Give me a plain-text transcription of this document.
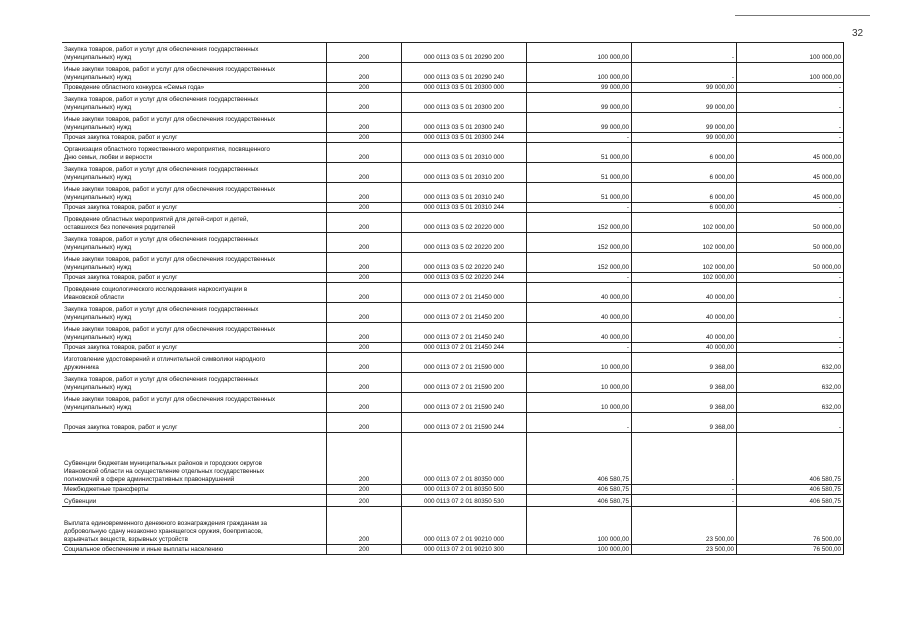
32
Закупка товаров, работ и услуг для обеспечения государственных
(муниципальных) нужд	200	000 0113 03 5 01 20290 200	100 000,00	-	100 000,00
Иные закупки товаров, работ и услуг для обеспечения государственных
(муниципальных) нужд	200	000 0113 03 5 01 20290 240	100 000,00	-	100 000,00
Проведение областного конкурса «Семья года»	200	000 0113 03 5 01 20300 000	99 000,00	99 000,00	-
Закупка товаров, работ и услуг для обеспечения государственных
(муниципальных) нужд	200	000 0113 03 5 01 20300 200	99 000,00	99 000,00	-
Иные закупки товаров, работ и услуг для обеспечения государственных
(муниципальных) нужд	200	000 0113 03 5 01 20300 240	99 000,00	99 000,00	-
Прочая закупка товаров, работ и услуг	200	000 0113 03 5 01 20300 244	-	99 000,00	-
Организация областного торжественного мероприятия, посвященного
Дню семьи, любви и верности	200	000 0113 03 5 01 20310 000	51 000,00	6 000,00	45 000,00
Закупка товаров, работ и услуг для обеспечения государственных
(муниципальных) нужд	200	000 0113 03 5 01 20310 200	51 000,00	6 000,00	45 000,00
Иные закупки товаров, работ и услуг для обеспечения государственных
(муниципальных) нужд	200	000 0113 03 5 01 20310 240	51 000,00	6 000,00	45 000,00
Прочая закупка товаров, работ и услуг	200	000 0113 03 5 01 20310 244	-	6 000,00	-
Проведение областных мероприятий для детей-сирот и детей,
оставшихся без попечения родителей	200	000 0113 03 5 02 20220 000	152 000,00	102 000,00	50 000,00
Закупка товаров, работ и услуг для обеспечения государственных
(муниципальных) нужд	200	000 0113 03 5 02 20220 200	152 000,00	102 000,00	50 000,00
Иные закупки товаров, работ и услуг для обеспечения государственных
(муниципальных) нужд	200	000 0113 03 5 02 20220 240	152 000,00	102 000,00	50 000,00
Прочая закупка товаров, работ и услуг	200	000 0113 03 5 02 20220 244	-	102 000,00	-
Проведение социологического исследования наркоситуации в
Ивановской области	200	000 0113 07 2 01 21450 000	40 000,00	40 000,00	-
Закупка товаров, работ и услуг для обеспечения государственных
(муниципальных) нужд	200	000 0113 07 2 01 21450 200	40 000,00	40 000,00	-
Иные закупки товаров, работ и услуг для обеспечения государственных
(муниципальных) нужд	200	000 0113 07 2 01 21450 240	40 000,00	40 000,00	-
Прочая закупка товаров, работ и услуг	200	000 0113 07 2 01 21450 244	-	40 000,00	-
Изготовление удостоверений и отличительной символики народного
дружинника	200	000 0113 07 2 01 21590 000	10 000,00	9 368,00	632,00
Закупка товаров, работ и услуг для обеспечения государственных
(муниципальных) нужд	200	000 0113 07 2 01 21590 200	10 000,00	9 368,00	632,00
Иные закупки товаров, работ и услуг для обеспечения государственных
(муниципальных) нужд	200	000 0113 07 2 01 21590 240	10 000,00	9 368,00	632,00
Прочая закупка товаров, работ и услуг	200	000 0113 07 2 01 21590 244	-	9 368,00	-
Субвенции бюджетам муниципальных районов и городских округов
Ивановской области на осуществление отдельных государственных
полномочий в сфере административных правонарушений	200	000 0113 07 2 01 80350 000	406 580,75	-	406 580,75
Межбюджетные трансферты	200	000 0113 07 2 01 80350 500	406 580,75	-	406 580,75
Субвенции	200	000 0113 07 2 01 80350 530	406 580,75	-	406 580,75
Выплата единовременного денежного вознаграждения гражданам за
добровольную сдачу незаконно хранящегося оружия, боеприпасов,
взрывчатых веществ, взрывных устройств	200	000 0113 07 2 01 90210 000	100 000,00	23 500,00	76 500,00
Социальное обеспечение и иные выплаты населению	200	000 0113 07 2 01 90210 300	100 000,00	23 500,00	76 500,00
